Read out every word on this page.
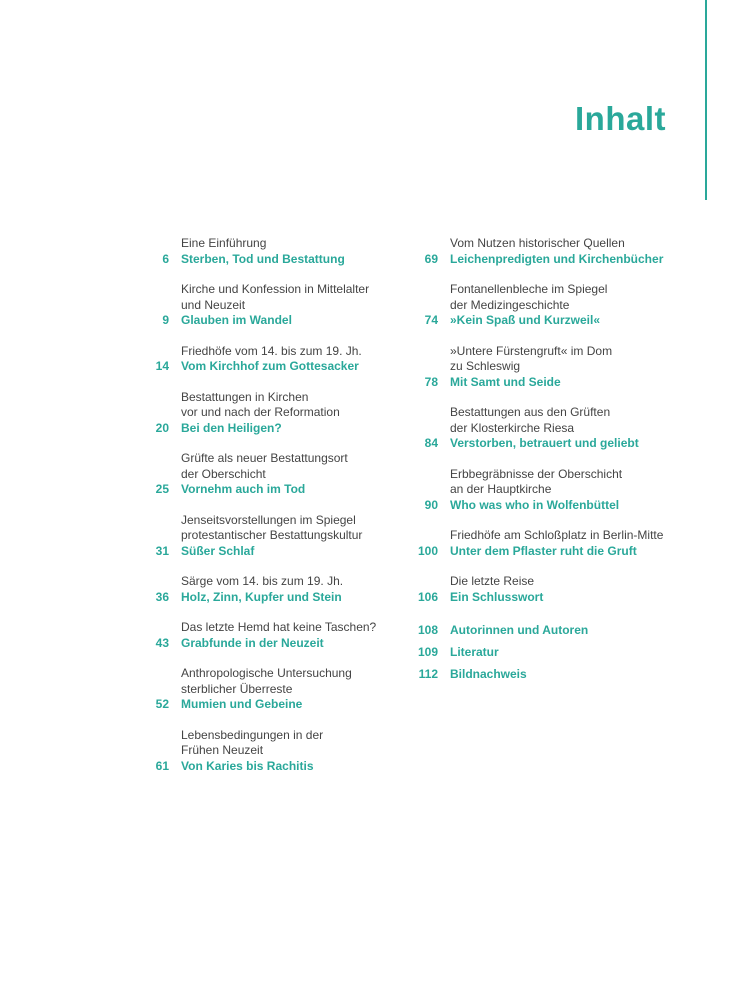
Inhalt
Eine Einführung
6 Sterben, Tod und Bestattung
Kirche und Konfession in Mittelalter
und Neuzeit
9 Glauben im Wandel
Friedhöfe vom 14. bis zum 19. Jh.
14 Vom Kirchhof zum Gottesacker
Bestattungen in Kirchen
vor und nach der Reformation
20 Bei den Heiligen?
Grüfte als neuer Bestattungsort
der Oberschicht
25 Vornehm auch im Tod
Jenseitsvorstellungen im Spiegel
protestantischer Bestattungskultur
31 Süßer Schlaf
Särge vom 14. bis zum 19. Jh.
36 Holz, Zinn, Kupfer und Stein
Das letzte Hemd hat keine Taschen?
43 Grabfunde in der Neuzeit
Anthropologische Untersuchung
sterblicher Überreste
52 Mumien und Gebeine
Lebensbedingungen in der
Frühen Neuzeit
61 Von Karies bis Rachitis
Vom Nutzen historischer Quellen
69 Leichenpredigten und Kirchenbücher
Fontanellenbleche im Spiegel
der Medizingeschichte
74 »Kein Spaß und Kurzweil«
»Untere Fürstengruft« im Dom
zu Schleswig
78 Mit Samt und Seide
Bestattungen aus den Grüften
der Klosterkirche Riesa
84 Verstorben, betrauert und geliebt
Erbbegräbnisse der Oberschicht
an der Hauptkirche
90 Who was who in Wolfenbüttel
Friedhöfe am Schloßplatz in Berlin-Mitte
100 Unter dem Pflaster ruht die Gruft
Die letzte Reise
106 Ein Schlusswort
108 Autorinnen und Autoren
109 Literatur
112 Bildnachweis
